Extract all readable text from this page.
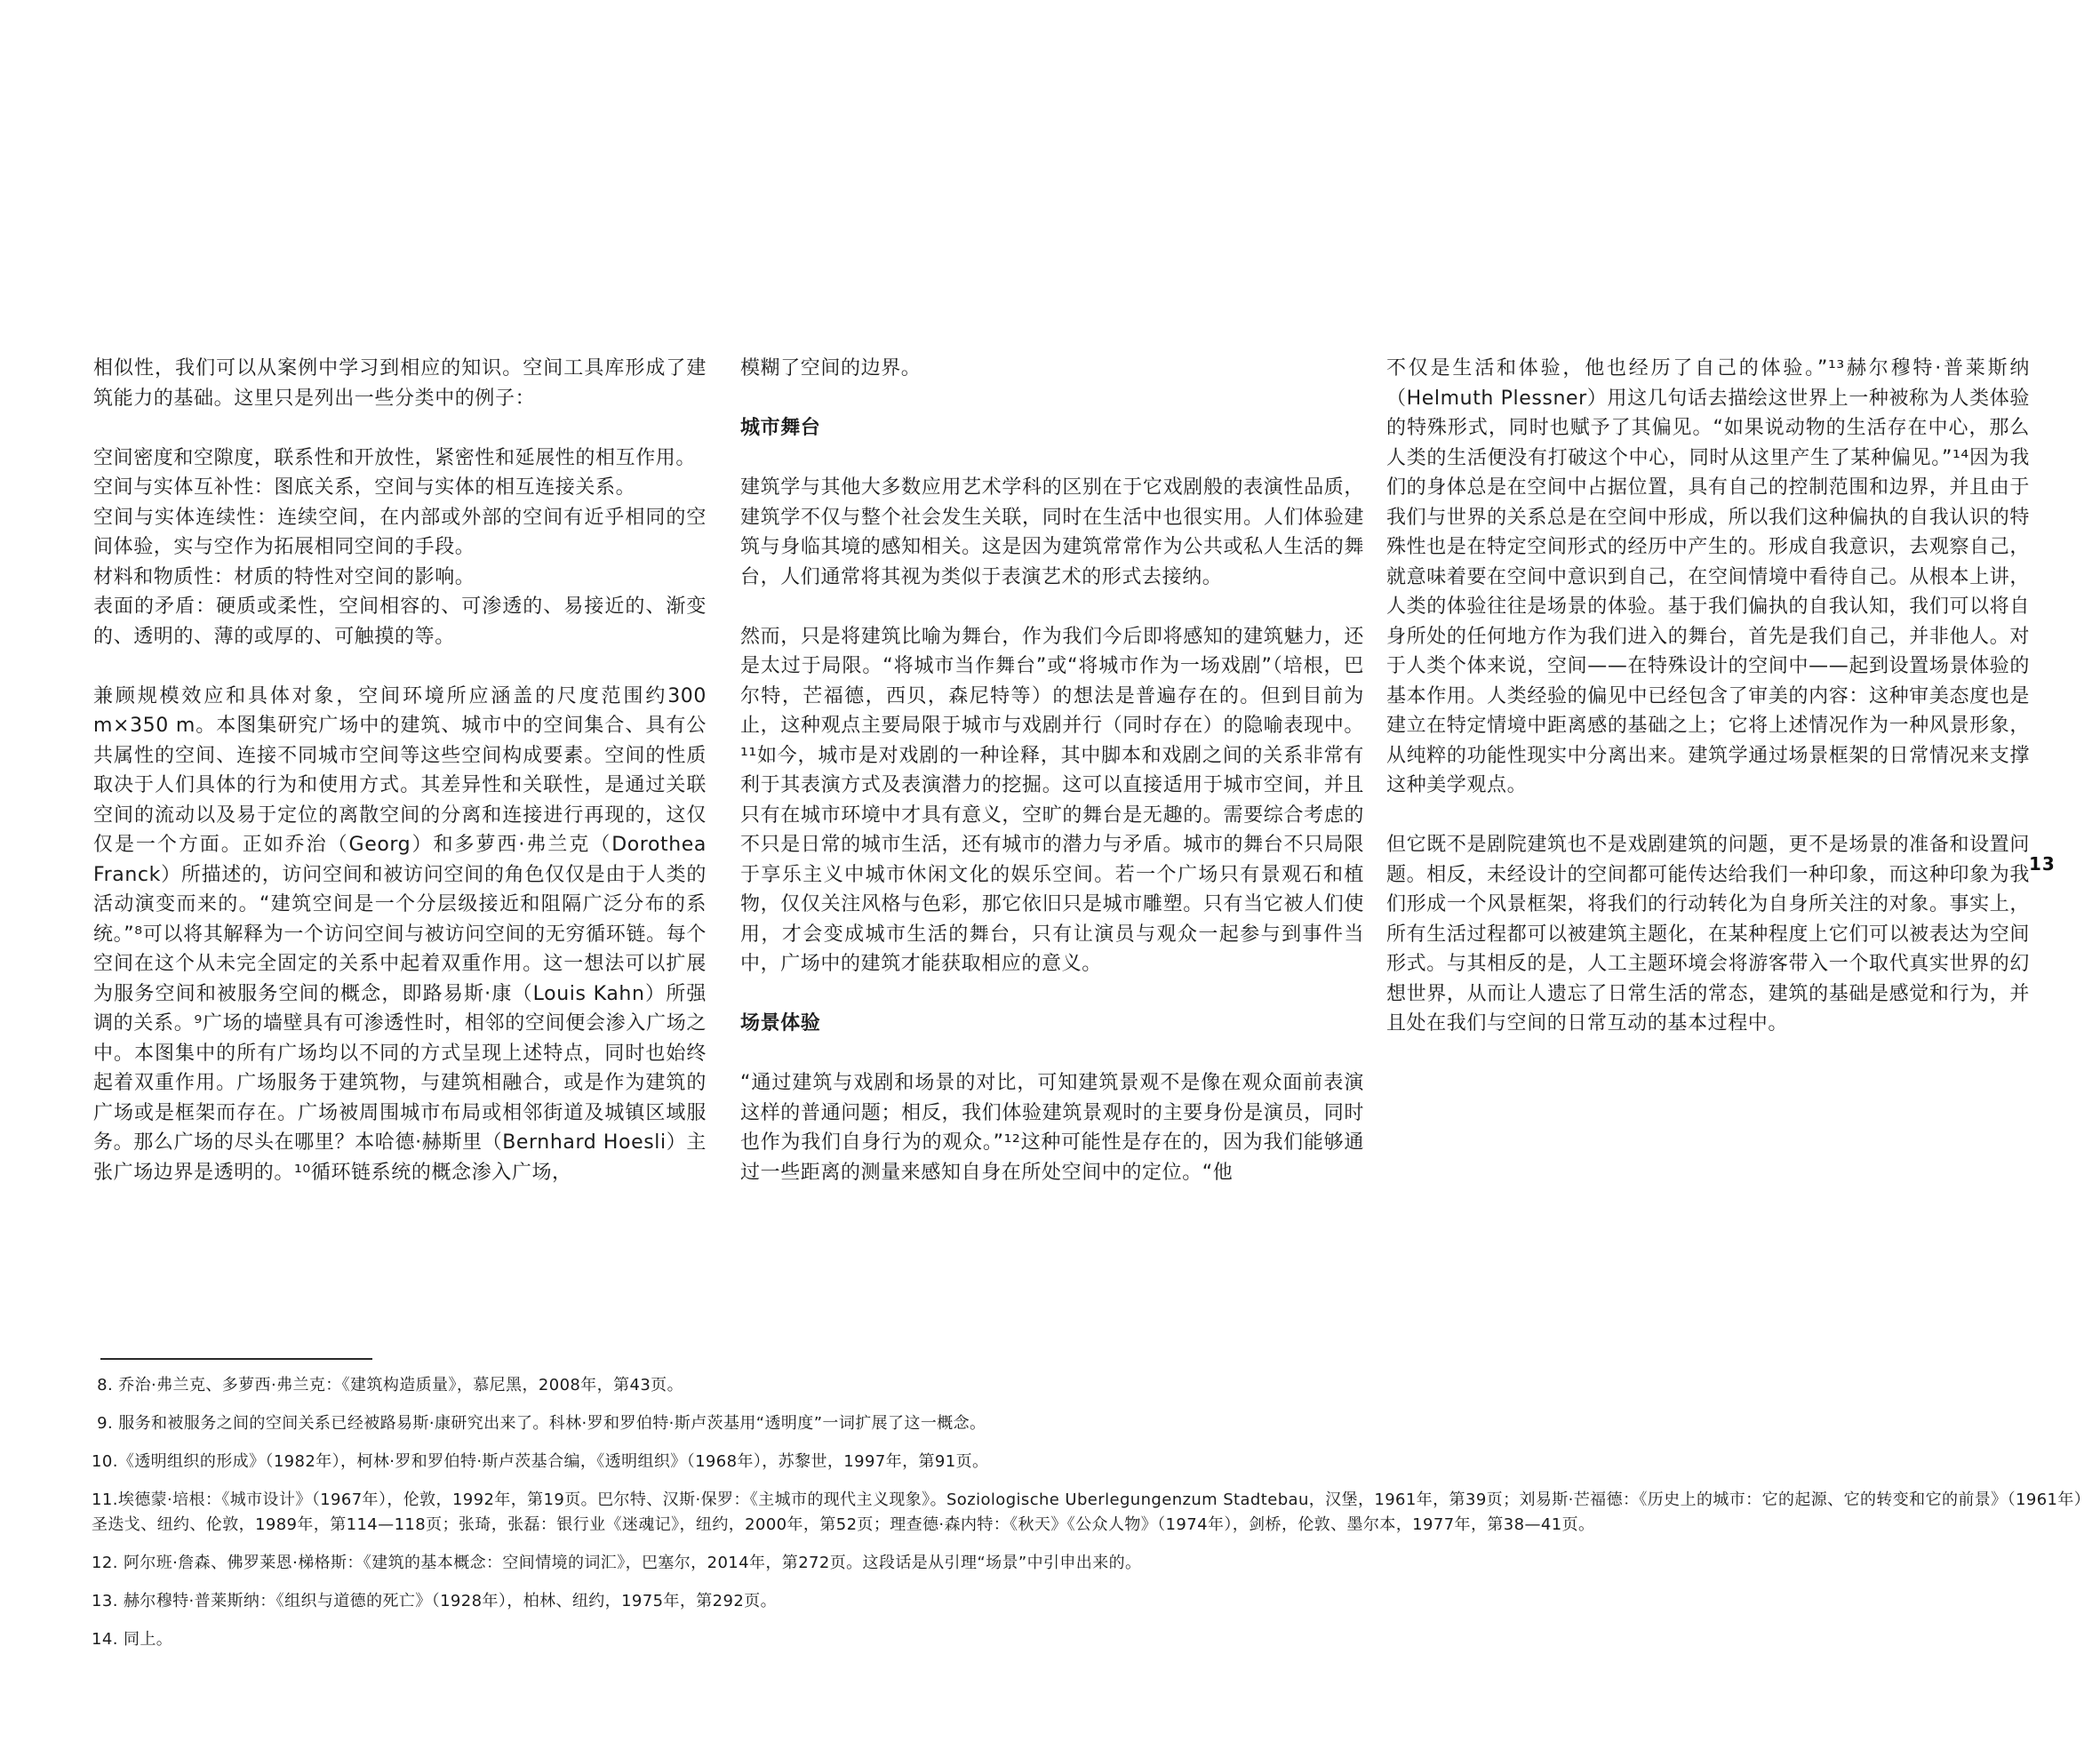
相似性，我们可以从案例中学习到相应的知识。空间工具库形成了建筑能力的基础。这里只是列出一些分类中的例子：

空间密度和空隙度，联系性和开放性，紧密性和延展性的相互作用。
空间与实体互补性：图底关系，空间与实体的相互连接关系。
空间与实体连续性：连续空间，在内部或外部的空间有近乎相同的空间体验，实与空作为拓展相同空间的手段。
材料和物质性：材质的特性对空间的影响。
表面的矛盾：硬质或柔性，空间相容的、可渗透的、易接近的、渐变的、透明的、薄的或厚的、可触摸的等。

兼顾规模效应和具体对象，空间环境所应涵盖的尺度范围约300 m×350 m。本图集研究广场中的建筑、城市中的空间集合、具有公共属性的空间、连接不同城市空间等这些空间构成要素。空间的性质取决于人们具体的行为和使用方式。其差异性和关联性，是通过关联空间的流动以及易于定位的离散空间的分离和连接进行再现的，这仅仅是一个方面。正如乔治（Georg）和多萝西·弗兰克（Dorothea Franck）所描述的，访问空间和被访问空间的角色仅仅是由于人类的活动演变而来的。“建筑空间是一个分层级接近和阻隔广泛分布的系统。”⁸可以将其解释为一个访问空间与被访问空间的无穷循环链。每个空间在这个从未完全固定的关系中起着双重作用。这一想法可以扩展为服务空间和被服务空间的概念，即路易斯·康（Louis Kahn）所强调的关系。⁹广场的墙壁具有可渗透性时，相邻的空间便会渗入广场之中。本图集中的所有广场均以不同的方式呈现上述特点，同时也始终起着双重作用。广场服务于建筑物，与建筑相融合，或是作为建筑的广场或是框架而存在。广场被周围城市布局或相邻街道及城镇区域服务。那么广场的尽头在哪里？本哈德·赫斯里（Bernhard Hoesli）主张广场边界是透明的。¹⁰循环链系统的概念渗入广场，

模糊了空间的边界。

城市舞台

建筑学与其他大多数应用艺术学科的区别在于它戏剧般的表演性品质，建筑学不仅与整个社会发生关联，同时在生活中也很实用。人们体验建筑与身临其境的感知相关。这是因为建筑常常作为公共或私人生活的舞台，人们通常将其视为类似于表演艺术的形式去接纳。

然而，只是将建筑比喻为舞台，作为我们今后即将感知的建筑魅力，还是太过于局限。“将城市当作舞台”或“将城市作为一场戏剧”（培根，巴尔特，芒福德，西贝，森尼特等）的想法是普遍存在的。但到目前为止，这种观点主要局限于城市与戏剧并行（同时存在）的隐喻表现中。¹¹如今，城市是对戏剧的一种诠释，其中脚本和戏剧之间的关系非常有利于其表演方式及表演潜力的挖掘。这可以直接适用于城市空间，并且只有在城市环境中才具有意义，空旷的舞台是无趣的。需要综合考虑的不只是日常的城市生活，还有城市的潜力与矛盾。城市的舞台不只局限于享乐主义中城市休闲文化的娱乐空间。若一个广场只有景观石和植物，仅仅关注风格与色彩，那它依旧只是城市雕塑。只有当它被人们使用，才会变成城市生活的舞台，只有让演员与观众一起参与到事件当中，广场中的建筑才能获取相应的意义。

场景体验

“通过建筑与戏剧和场景的对比，可知建筑景观不是像在观众面前表演这样的普通问题；相反，我们体验建筑景观时的主要身份是演员，同时也作为我们自身行为的观众。”¹²这种可能性是存在的，因为我们能够通过一些距离的测量来感知自身在所处空间中的定位。“他

不仅是生活和体验，他也经历了自己的体验。”¹³赫尔穆特·普莱斯纳（Helmuth Plessner）用这几句话去描绘这世界上一种被称为人类体验的特殊形式，同时也赋予了其偏见。“如果说动物的生活存在中心，那么人类的生活便没有打破这个中心，同时从这里产生了某种偏见。”¹⁴因为我们的身体总是在空间中占据位置，具有自己的控制范围和边界，并且由于我们与世界的关系总是在空间中形成，所以我们这种偏执的自我认识的特殊性也是在特定空间形式的经历中产生的。形成自我意识，去观察自己，就意味着要在空间中意识到自己，在空间情境中看待自己。从根本上讲，人类的体验往往是场景的体验。基于我们偏执的自我认知，我们可以将自身所处的任何地方作为我们进入的舞台，首先是我们自己，并非他人。对于人类个体来说，空间——在特殊设计的空间中——起到设置场景体验的基本作用。人类经验的偏见中已经包含了审美的内容：这种审美态度也是建立在特定情境中距离感的基础之上；它将上述情况作为一种风景形象，从纯粹的功能性现实中分离出来。建筑学通过场景框架的日常情况来支撑这种美学观点。

但它既不是剧院建筑也不是戏剧建筑的问题，更不是场景的准备和设置问题。相反，未经设计的空间都可能传达给我们一种印象，而这种印象为我们形成一个风景框架，将我们的行动转化为自身所关注的对象。事实上，所有生活过程都可以被建筑主题化，在某种程度上它们可以被表达为空间形式。与其相反的是，人工主题环境会将游客带入一个取代真实世界的幻想世界，从而让人遗忘了日常生活的常态，建筑的基础是感觉和行为，并且处在我们与空间的日常互动的基本过程中。

13
8. 乔治·弗兰克、多萝西·弗兰克：《建筑构造质量》，慕尼黑，2008年，第43页。
9. 服务和被服务之间的空间关系已经被路易斯·康研究出来了。科林·罗和罗伯特·斯卢茨基用“透明度”一词扩展了这一概念。
10.《透明组织的形成》（1982年），柯林·罗和罗伯特·斯卢茨基合编，《透明组织》（1968年），苏黎世，1997年，第91页。
11.埃德蒙·培根：《城市设计》（1967年），伦敦，1992年，第19页。巴尔特、汉斯·保罗：《主城市的现代主义现象》。Soziologische Uberlegungenzum Stadtebau，汉堡，1961年，第39页；刘易斯·芒福德：《历史上的城市：它的起源、它的转变和它的前景》（1961年）圣迭戈、纽约、伦敦，1989年，第114—118页；张琦，张磊：银行业《迷魂记》，纽约，2000年，第52页；理查德·森内特：《秋天》《公众人物》（1974年），剑桥，伦敦、墨尔本，1977年，第38—41页。
12. 阿尔班·詹森、佛罗莱恩·梯格斯：《建筑的基本概念：空间情境的词汇》，巴塞尔，2014年，第272页。这段话是从引理“场景”中引申出来的。
13. 赫尔穆特·普莱斯纳：《组织与道德的死亡》（1928年），柏林、纽约，1975年，第292页。
14. 同上。
